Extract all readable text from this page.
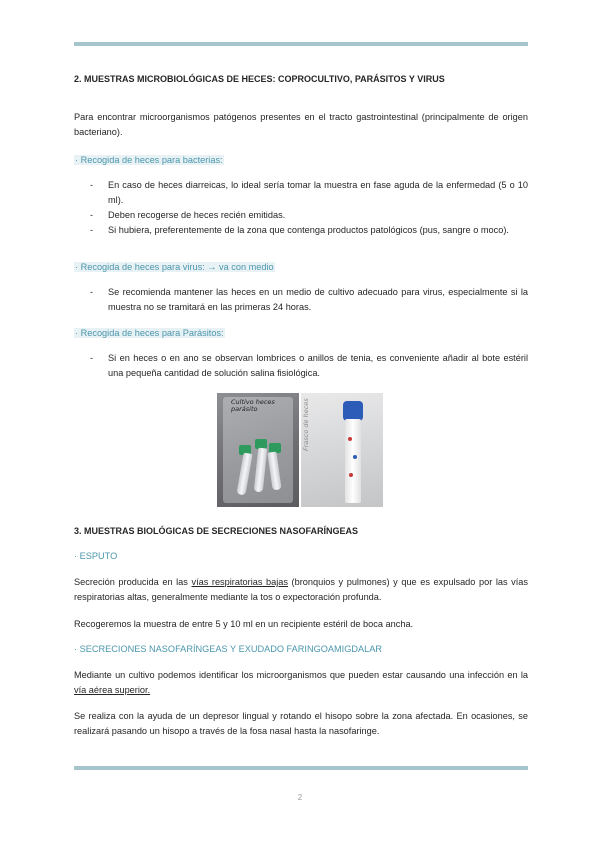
2. MUESTRAS MICROBIOLÓGICAS DE HECES: COPROCULTIVO, PARÁSITOS Y VIRUS
Para encontrar microorganismos patógenos presentes en el tracto gastrointestinal (principalmente de origen bacteriano).
· Recogida de heces para bacterias:
- En caso de heces diarreicas, lo ideal sería tomar la muestra en fase aguda de la enfermedad (5 o 10 ml).
- Deben recogerse de heces recién emitidas.
- Si hubiera, preferentemente de la zona que contenga productos patológicos (pus, sangre o moco).
· Recogida de heces para virus: → va con medio
- Se recomienda mantener las heces en un medio de cultivo adecuado para virus, especialmente si la muestra no se tramitará en las primeras 24 horas.
· Recogida de heces para Parásitos:
- Si en heces o en ano se observan lombrices o anillos de tenia, es conveniente añadir al bote estéril una pequeña cantidad de solución salina fisiológica.
Cultivo heces parásito	Frasco de heces
3. MUESTRAS BIOLÓGICAS DE SECRECIONES NASOFARÍNGEAS
· ESPUTO
Secreción producida en las vías respiratorias bajas (bronquios y pulmones) y que es expulsado por las vías respiratorias altas, generalmente mediante la tos o expectoración profunda.
Recogeremos la muestra de entre 5 y 10 ml en un recipiente estéril de boca ancha.
· SECRECIONES NASOFARÍNGEAS Y EXUDADO FARINGOAMIGDALAR
Mediante un cultivo podemos identificar los microorganismos que pueden estar causando una infección en la vía aérea superior.
Se realiza con la ayuda de un depresor lingual y rotando el hisopo sobre la zona afectada. En ocasiones, se realizará pasando un hisopo a través de la fosa nasal hasta la nasofaringe.
2
